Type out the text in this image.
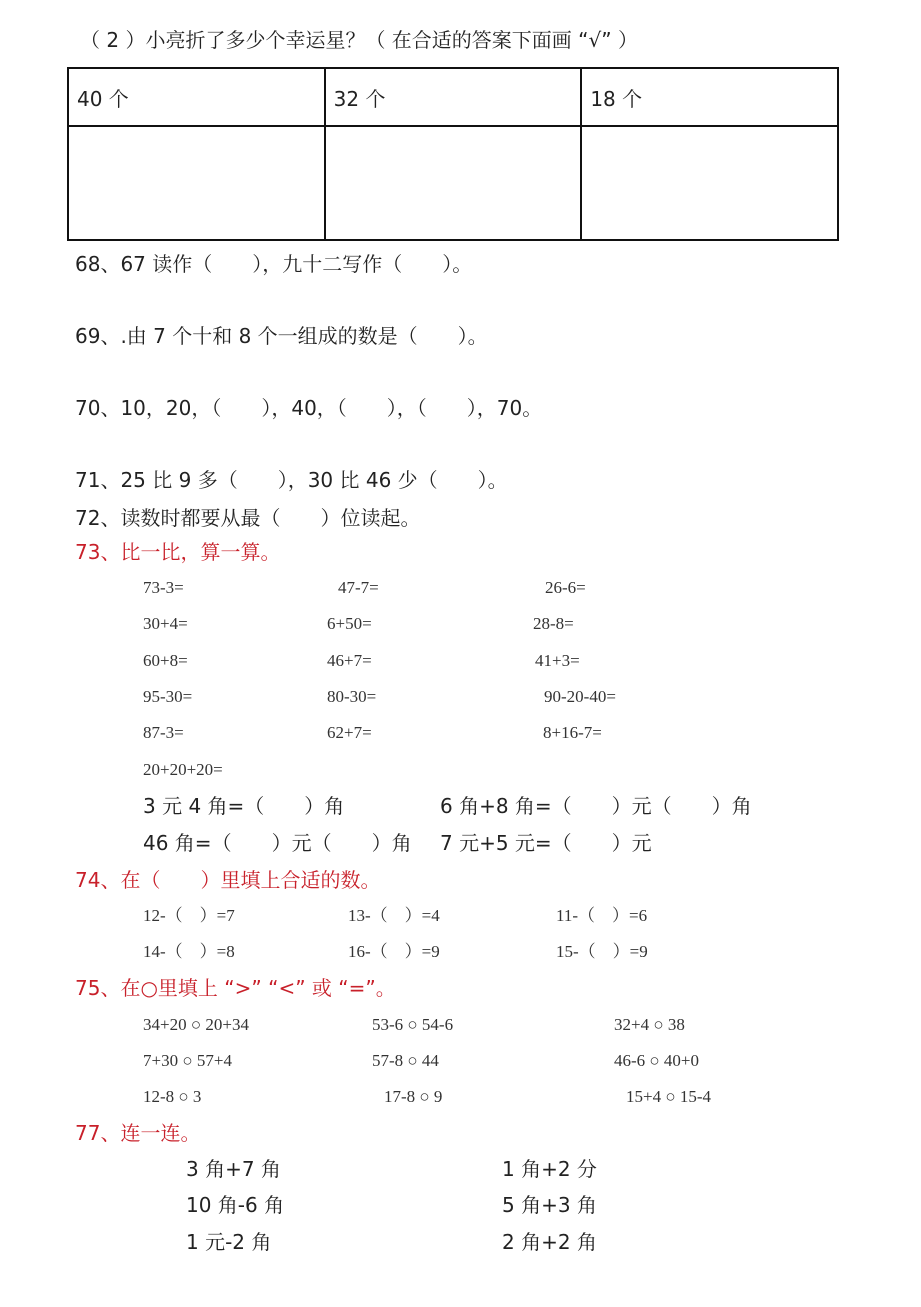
（ 2 ）小亮折了多少个幸运星？（ 在合适的答案下面画 “√” ）
40 个	32 个	18 个

68、67 读作（　　），九十二写作（　　）。
69、.由 7 个十和 8 个一组成的数是（　　）。
70、10，20，（　　），40，（　　），（　　），70。
71、25 比 9 多（　　），30 比 46 少（　　）。
72、读数时都要从最（　　）位读起。
73、比一比，算一算。
73-3=	47-7=	26-6=
30+4=	6+50=	28-8=
60+8=	46+7=	41+3=
95-30=	80-30=	90-20-40=
87-3=	62+7=	8+16-7=
20+20+20=
3 元 4 角=（　　）角	6 角+8 角=（　　）元（　　）角
46 角=（　　）元（　　）角 7 元+5 元=（　　）元
74、在（　　）里填上合适的数。
12-（　）=7	13-（　）=4	11-（　）=6
14-（　）=8	16-（　）=9	15-（　）=9
75、在○里填上 “>” “<” 或 “=”。
34+20 ○ 20+34	53-6 ○ 54-6	32+4 ○ 38
7+30 ○ 57+4	57-8 ○ 44	46-6 ○ 40+0
12-8 ○ 3	17-8 ○ 9	15+4 ○ 15-4
77、连一连。
3 角+7 角	1 角+2 分
10 角-6 角	5 角+3 角
1 元-2 角	2 角+2 角
